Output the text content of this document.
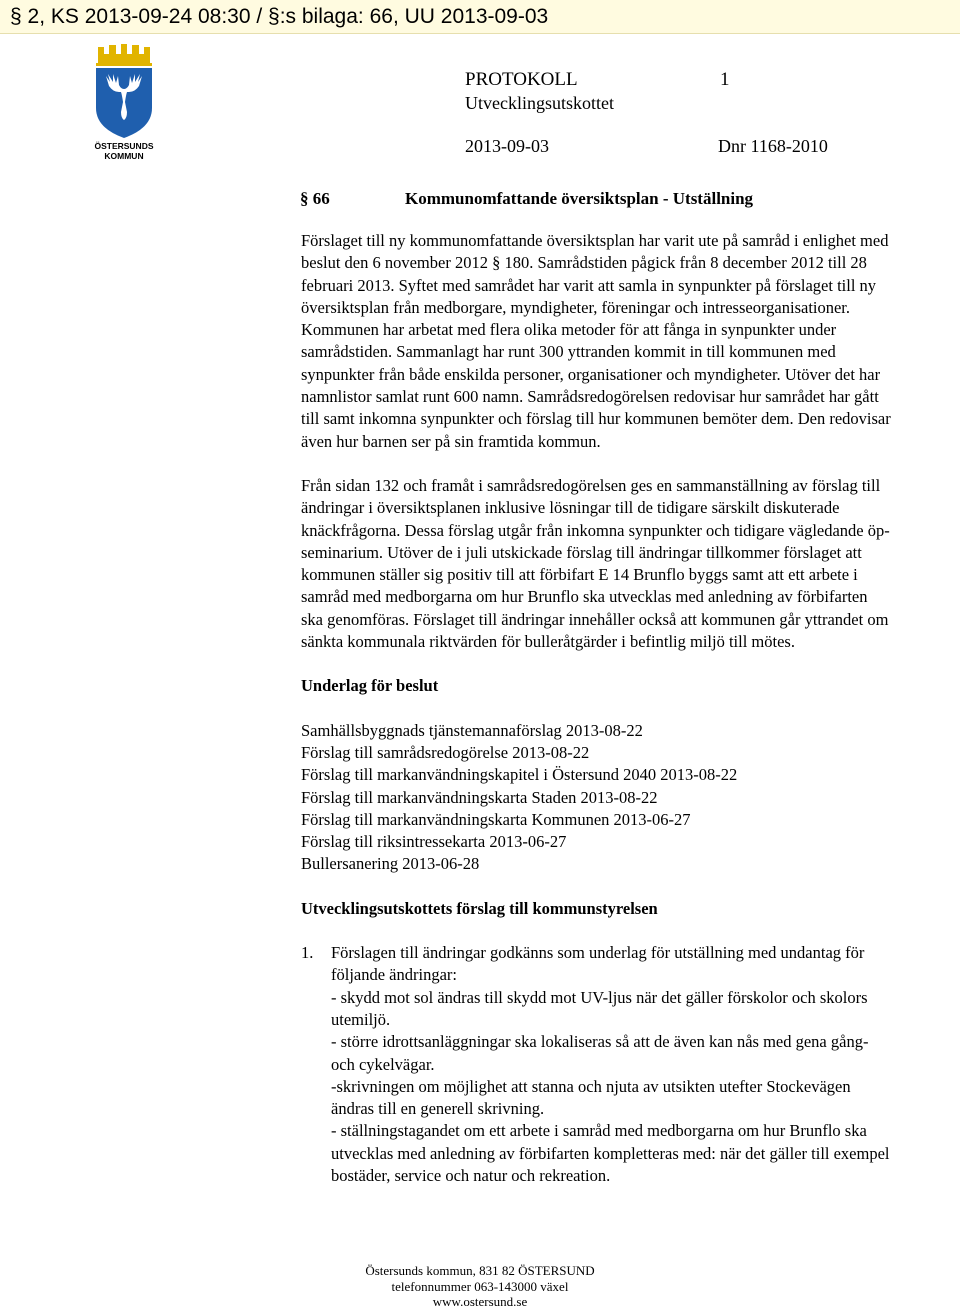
§ 2, KS 2013-09-24 08:30 / §:s bilaga: 66, UU 2013-09-03
ÖSTERSUNDS
KOMMUN
PROTOKOLL	1
Utvecklingsutskottet
2013-09-03	Dnr 1168-2010
§ 66	Kommunomfattande översiktsplan - Utställning

Förslaget till ny kommunomfattande översiktsplan har varit ute på samråd i enlighet med beslut den 6 november 2012 § 180. Samrådstiden pågick från 8 december 2012 till 28 februari 2013. Syftet med samrådet har varit att samla in synpunkter på förslaget till ny översiktsplan från medborgare, myndigheter, föreningar och intresseorganisationer. Kommunen har arbetat med flera olika metoder för att fånga in synpunkter under samrådstiden. Sammanlagt har runt 300 yttranden kommit in till kommunen med synpunkter från både enskilda personer, organisationer och myndigheter. Utöver det har namnlistor samlat runt 600 namn. Samrådsredogörelsen redovisar hur samrådet har gått till samt inkomna synpunkter och förslag till hur kommunen bemöter dem. Den redovisar även hur barnen ser på sin framtida kommun.

Från sidan 132 och framåt i samrådsredogörelsen ges en sammanställning av förslag till ändringar i översiktsplanen inklusive lösningar till de tidigare särskilt diskuterade knäckfrågorna. Dessa förslag utgår från inkomna synpunkter och tidigare vägledande öp-seminarium. Utöver de i juli utskickade förslag till ändringar tillkommer förslaget att kommunen ställer sig positiv till att förbifart E 14 Brunflo byggs samt att ett arbete i samråd med medborgarna om hur Brunflo ska utvecklas med anledning av förbifarten ska genomföras. Förslaget till ändringar innehåller också att kommunen går yttrandet om sänkta kommunala riktvärden för bulleråtgärder i befintlig miljö till mötes.

Underlag för beslut
Samhällsbyggnads tjänstemannaförslag 2013-08-22
Förslag till samrådsredogörelse 2013-08-22
Förslag till markanvändningskapitel i Östersund 2040 2013-08-22
Förslag till markanvändningskarta Staden 2013-08-22
Förslag till markanvändningskarta Kommunen 2013-06-27
Förslag till riksintressekarta 2013-06-27
Bullersanering 2013-06-28
Utvecklingsutskottets förslag till kommunstyrelsen
1. Förslagen till ändringar godkänns som underlag för utställning med undantag för följande ändringar:
- skydd mot sol ändras till skydd mot UV-ljus när det gäller förskolor och skolors utemiljö.
- större idrottsanläggningar ska lokaliseras så att de även kan nås med gena gång- och cykelvägar.
-skrivningen om möjlighet att stanna och njuta av utsikten utefter Stockevägen ändras till en generell skrivning.
- ställningstagandet om ett arbete i samråd med medborgarna om hur Brunflo ska utvecklas med anledning av förbifarten kompletteras med: när det gäller till exempel bostäder, service och natur och rekreation.
Östersunds kommun, 831 82 ÖSTERSUND
telefonnummer 063-143000 växel
www.ostersund.se
